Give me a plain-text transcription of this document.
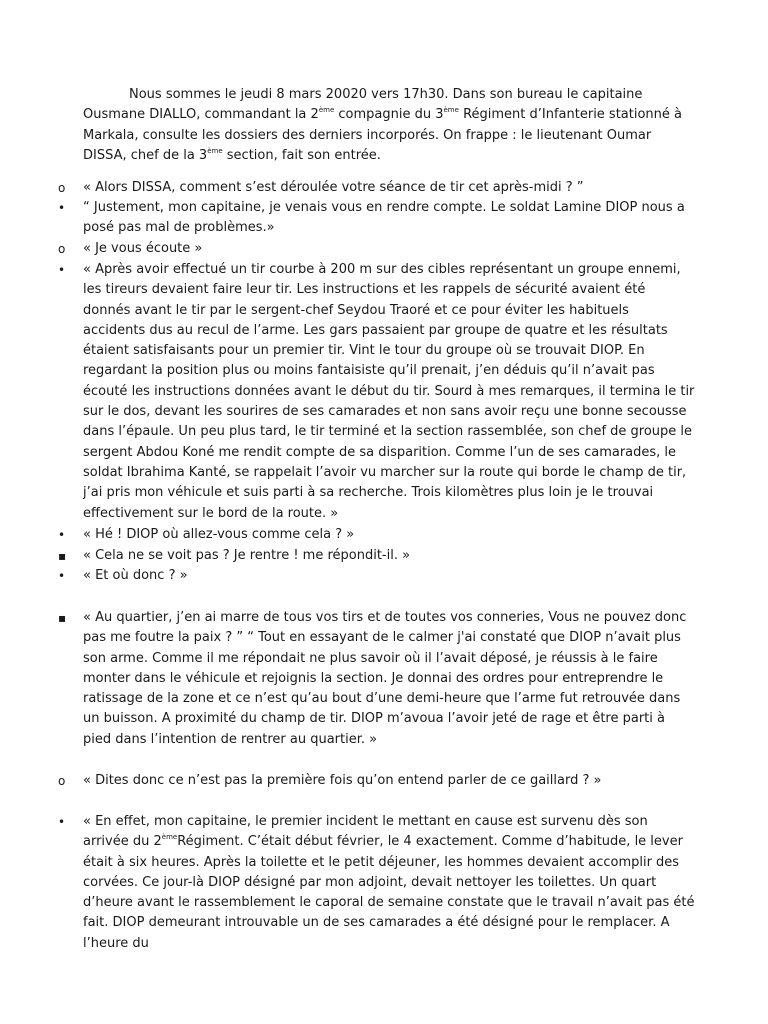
Nous sommes le jeudi 8 mars 20020 vers 17h30. Dans son bureau le capitaine Ousmane DIALLO, commandant la 2ème compagnie du 3ème Régiment d’Infanterie stationné à Markala, consulte les dossiers des derniers incorporés. On frappe : le lieutenant Oumar DISSA, chef de la 3ème section, fait son entrée.

o	« Alors DISSA, comment s’est déroulée votre séance de tir cet après-midi ? ”
•	“ Justement, mon capitaine, je venais vous en rendre compte. Le soldat Lamine DIOP nous a posé pas mal de problèmes.»
o	« Je vous écoute »
•	« Après avoir effectué un tir courbe à 200 m sur des cibles représentant un groupe ennemi, les tireurs devaient faire leur tir. Les instructions et les rappels de sécurité avaient été donnés avant le tir par le sergent-chef Seydou Traoré et ce pour éviter les habituels accidents dus au recul de l’arme. Les gars passaient par groupe de quatre et les résultats étaient satisfaisants pour un premier tir. Vint le tour du groupe où se trouvait DIOP. En regardant la position plus ou moins fantaisiste qu’il prenait, j’en déduis qu’il n’avait pas écouté les instructions données avant le début du tir. Sourd à mes remarques, il termina le tir sur le dos, devant les sourires de ses camarades et non sans avoir reçu une bonne secousse dans l’épaule. Un peu plus tard, le tir terminé et la section rassemblée, son chef de groupe le sergent Abdou Koné me rendit compte de sa disparition. Comme l’un de ses camarades, le soldat Ibrahima Kanté, se rappelait l’avoir vu marcher sur la route qui borde le champ de tir, j’ai pris mon véhicule et suis parti à sa recherche. Trois kilomètres plus loin je le trouvai effectivement sur le bord de la route. »
•	« Hé ! DIOP où allez-vous comme cela ? »
▪	« Cela ne se voit pas ? Je rentre ! me répondit-il. »
•	« Et où donc ? »
▪	« Au quartier, j’en ai marre de tous vos tirs et de toutes vos conneries, Vous ne pouvez donc pas me foutre la paix ? ” “ Tout en essayant de le calmer j'ai constaté que DIOP n’avait plus son arme. Comme il me répondait ne plus savoir où il l’avait déposé, je réussis à le faire monter dans le véhicule et rejoignis la section. Je donnai des ordres pour entreprendre le ratissage de la zone et ce n’est qu’au bout d’une demi-heure que l’arme fut retrouvée dans un buisson. A proximité du champ de tir. DIOP m’avoua l’avoir jeté de rage et être parti à pied dans l’intention de rentrer au quartier. »
o	« Dites donc ce n’est pas la première fois qu’on entend parler de ce gaillard ? »
•	« En effet, mon capitaine, le premier incident le mettant en cause est survenu dès son arrivée du 2èmeRégiment. C’était début février, le 4 exactement. Comme d’habitude, le lever était à six heures. Après la toilette et le petit déjeuner, les hommes devaient accomplir des corvées. Ce jour-là DIOP désigné par mon adjoint, devait nettoyer les toilettes. Un quart d’heure avant le rassemblement le caporal de semaine constate que le travail n’avait pas été fait. DIOP demeurant introuvable un de ses camarades a été désigné pour le remplacer. A l’heure du
